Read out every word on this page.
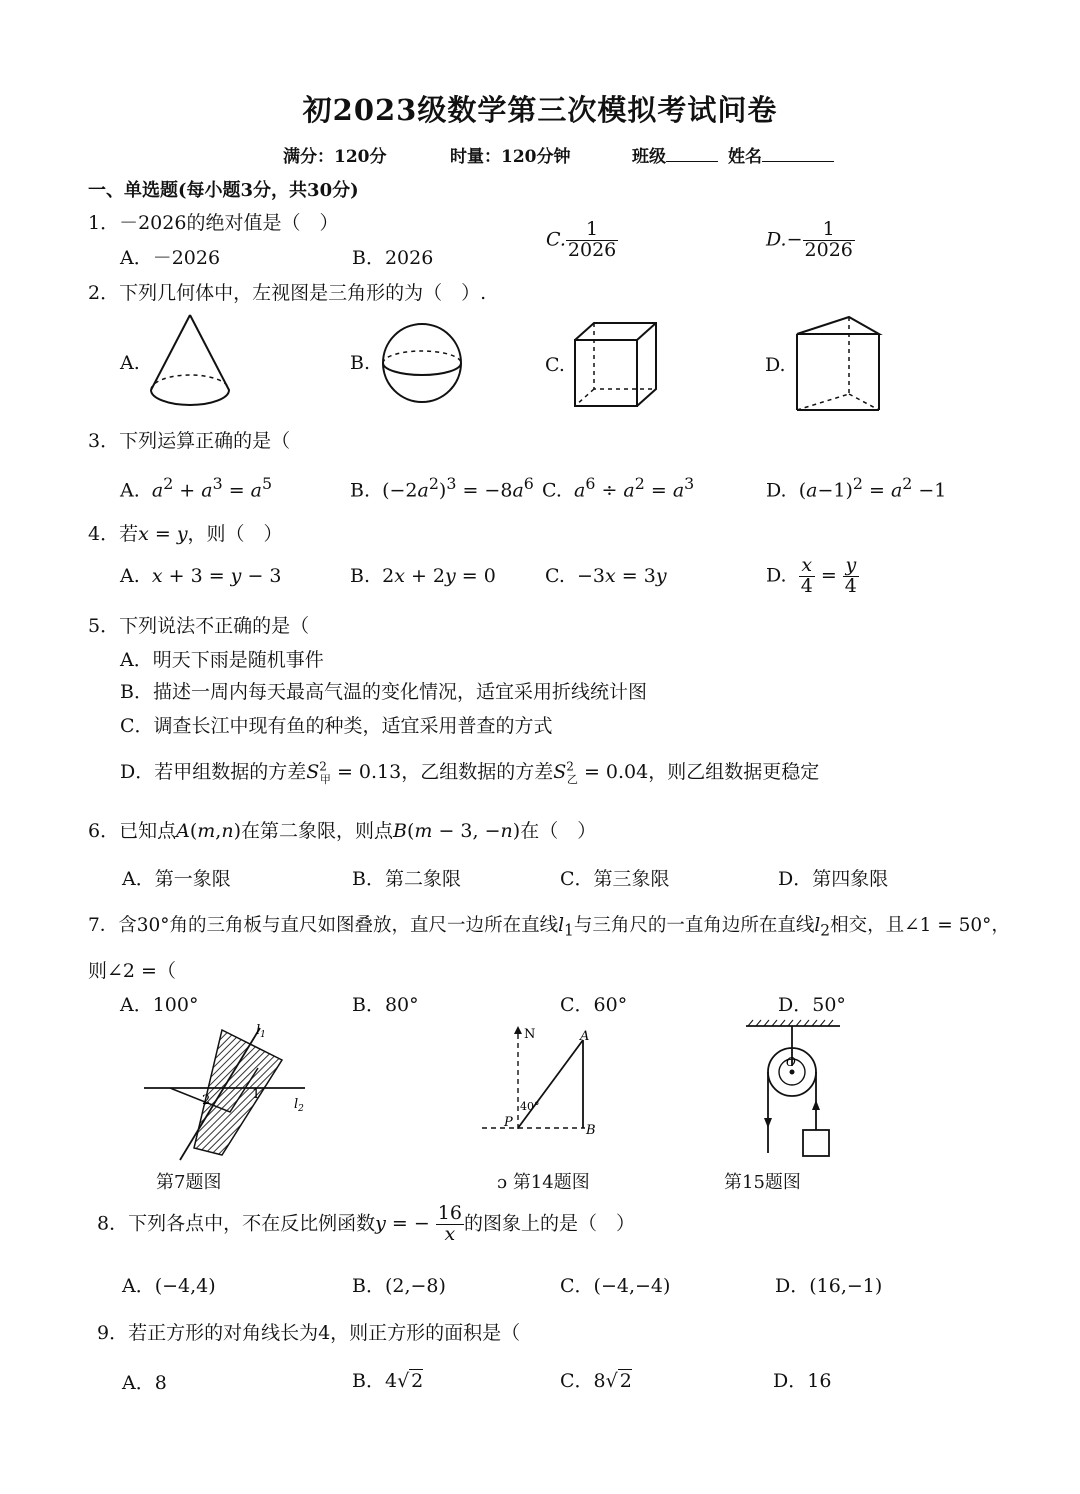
初2023级数学第三次模拟考试问卷
满分：120分	时量：120分钟	班级	姓名
一、单选题(每小题3分，共30分)
1．－2026的绝对值是（　）
A．－2026	B．2026
C. $\frac{1}{2026}$	$D.- \frac{1}{2026}$
2．下列几何体中，左视图是三角形的为（　）.
A.	B.	C.	D.
3．下列运算正确的是（
A. $a^2 + a^3 = a^5$	B.  $(-2a^2)^3 = -8a^6$ C. $a^6 \div a^2 = a^3$	D.  $(a-1)^2 = a^2 -1$
4．若x = y，则（　）
A. x + 3 = y − 3	B.  2x + 2y = 0	C.  −3x = 3y	D. $\frac{x}{4} = \frac{y}{4}$
5．下列说法不正确的是（
A．明天下雨是随机事件
B．描述一周内每天最高气温的变化情况，适宜采用折线统计图
C．调查长江中现有鱼的种类，适宜采用普查的方式
D．若甲组数据的方差$S^2_甲 = 0.13$，乙组数据的方差$S^2_乙 = 0.04$，则乙组数据更稳定
6．已知点A(m,n)在第二象限，则点B(m − 3, −n)在（　）
A．第一象限	B．第二象限	C．第三象限	D．第四象限
7．含30°角的三角板与直尺如图叠放，直尺一边所在直线$l_1$与三角尺的一直角边所在直线$l_2$相交，且∠1 = 50°，
则∠2 =（
A．100°	B．80°	C．60°	D．50°
$l_1$
$l_2$
2	1
第7题图
N	A
B
P
40°
ɔ 第14题图
O
第15题图
8．下列各点中，不在反比例函数y = − $\frac{16}{x}$ 的图象上的是（　）
A．(−4,4)	B．(2,−8)	C．(−4,−4)	D．(16,−1)
9．若正方形的对角线长为4，则正方形的面积是（
A．8	B．4√ 2	C．8√ 2	D．16
